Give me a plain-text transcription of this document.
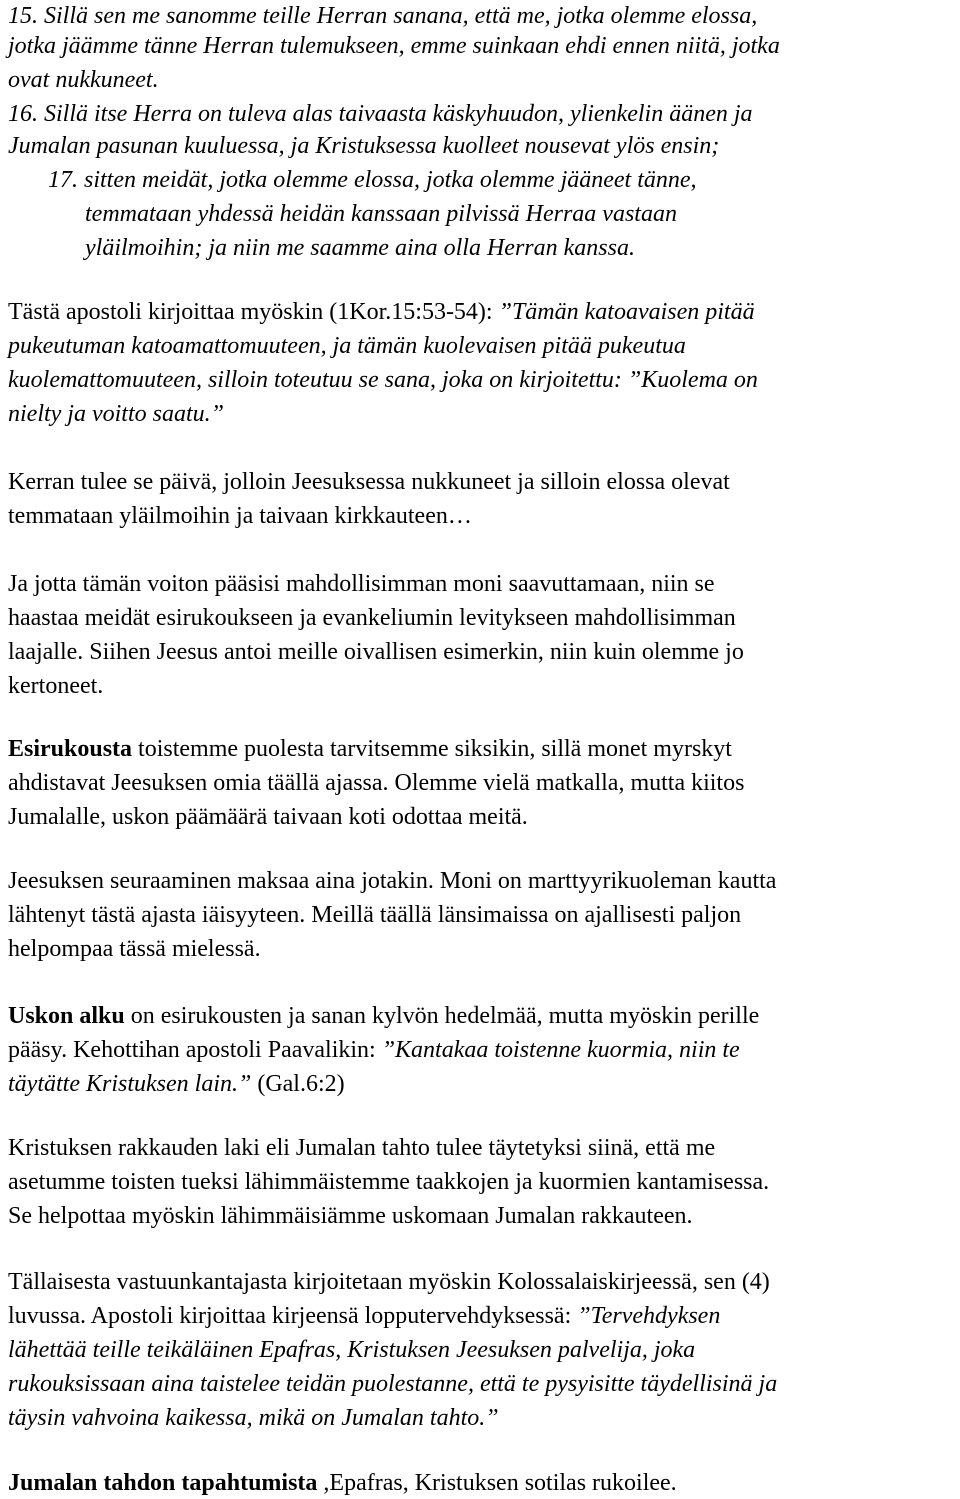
15. Sillä sen me sanomme teille Herran sanana, että me, jotka olemme elossa,
jotka jäämme tänne Herran tulemukseen, emme suinkaan ehdi ennen niitä, jotka
ovat nukkuneet.
16. Sillä itse Herra on tuleva alas taivaasta käskyhuudon, ylienkelin äänen ja
Jumalan pasunan kuuluessa, ja Kristuksessa kuolleet nousevat ylös ensin;
17. sitten meidät, jotka olemme elossa, jotka olemme jääneet tänne,
temmataan yhdessä heidän kanssaan pilvissä Herraa vastaan
yläilmoihin; ja niin me saamme aina olla Herran kanssa.
Tästä apostoli kirjoittaa myöskin (1Kor.15:53-54): ”Tämän katoavaisen pitää
pukeutuman katoamattomuuteen, ja tämän kuolevaisen pitää pukeutua
kuolemattomuuteen, silloin toteutuu se sana, joka on kirjoitettu: ”Kuolema on
nielty ja voitto saatu.”
Kerran tulee se päivä, jolloin Jeesuksessa nukkuneet ja silloin elossa olevat
temmataan yläilmoihin ja taivaan kirkkauteen…
Ja jotta tämän voiton pääsisi mahdollisimman moni saavuttamaan, niin se
haastaa meidät esirukoukseen ja evankeliumin levitykseen mahdollisimman
laajalle. Siihen Jeesus antoi meille oivallisen esimerkin, niin kuin olemme jo
kertoneet.
Esirukousta toistemme puolesta tarvitsemme siksikin, sillä monet myrskyt
ahdistavat Jeesuksen omia täällä ajassa. Olemme vielä matkalla, mutta kiitos
Jumalalle, uskon päämäärä taivaan koti odottaa meitä.
Jeesuksen seuraaminen maksaa aina jotakin. Moni on marttyyrikuoleman kautta
lähtenyt tästä ajasta iäisyyteen. Meillä täällä länsimaissa on ajallisesti paljon
helpompaa tässä mielessä.
Uskon alku on esirukousten ja sanan kylvön hedelmää, mutta myöskin perille
pääsy. Kehottihan apostoli Paavalikin: ”Kantakaa toistenne kuormia, niin te
täytätte Kristuksen lain.” (Gal.6:2)
Kristuksen rakkauden laki eli Jumalan tahto tulee täytetyksi siinä, että me
asetumme toisten tueksi lähimmäistemme taakkojen ja kuormien kantamisessa.
Se helpottaa myöskin lähimmäisiämme uskomaan Jumalan rakkauteen.
Tällaisesta vastuunkantajasta kirjoitetaan myöskin Kolossalaiskirjeessä, sen (4)
luvussa. Apostoli kirjoittaa kirjeensä lopputervehdyksessä: ”Tervehdyksen
lähettää teille teikäläinen Epafras, Kristuksen Jeesuksen palvelija, joka
rukouksissaan aina taistelee teidän puolestanne, että te pysyisitte täydellisinä ja
täysin vahvoina kaikessa, mikä on Jumalan tahto.”
Jumalan tahdon tapahtumista ,Epafras, Kristuksen sotilas rukoilee.
